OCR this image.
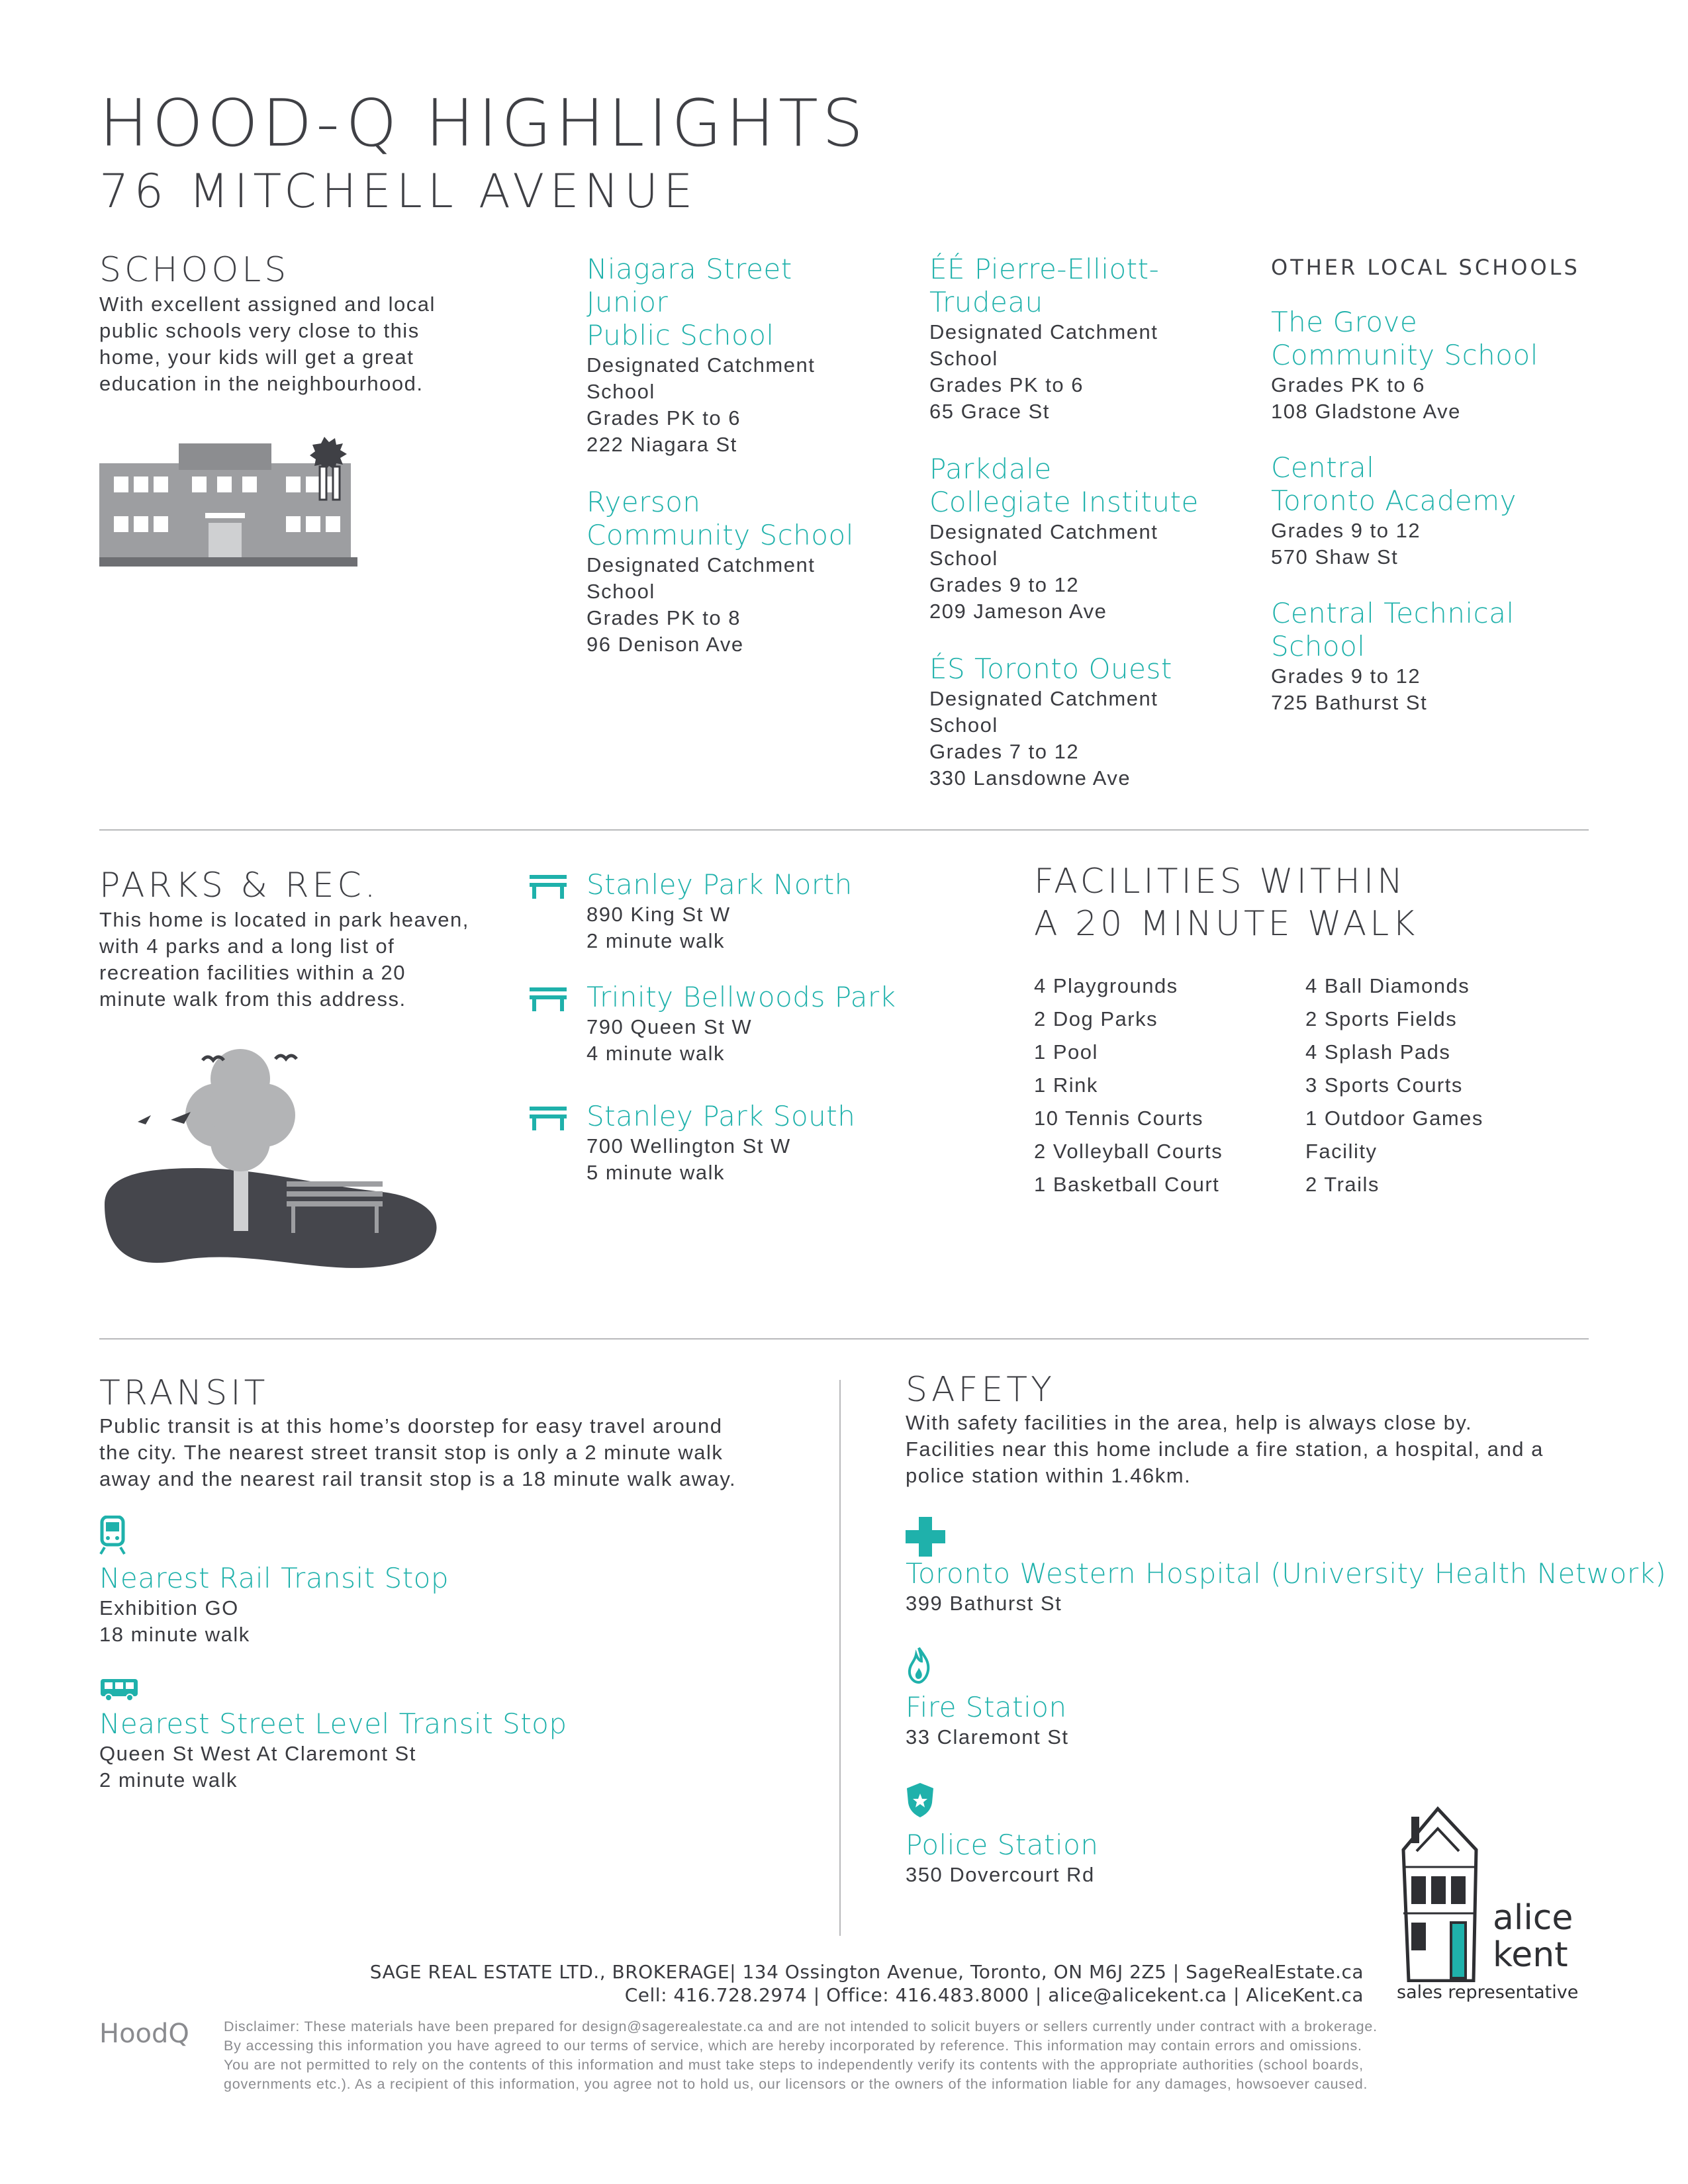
HOOD-Q HIGHLIGHTS
76 MITCHELL AVENUE
SCHOOLS
With excellent assigned and local
public schools very close to this
home, your kids will get a great
education in the neighbourhood.
Niagara Street Junior
Public School
Designated Catchment
School
Grades PK to 6
222 Niagara St
Ryerson
Community School
Designated Catchment
School
Grades PK to 8
96 Denison Ave
ÉÉ Pierre-Elliott-Trudeau
Designated Catchment
School
Grades PK to 6
65 Grace St
Parkdale
Collegiate Institute
Designated Catchment
School
Grades 9 to 12
209 Jameson Ave
ÉS Toronto Ouest
Designated Catchment
School
Grades 7 to 12
330 Lansdowne Ave
OTHER LOCAL SCHOOLS
The Grove
Community School
Grades PK to 6
108 Gladstone Ave
Central
Toronto Academy
Grades 9 to 12
570 Shaw St
Central Technical School
Grades 9 to 12
725 Bathurst St
PARKS & REC.
This home is located in park heaven,
with 4 parks and a long list of
recreation facilities within a 20
minute walk from this address.
Stanley Park North
890 King St W
2 minute walk
Trinity Bellwoods Park
790 Queen St W
4 minute walk
Stanley Park South
700 Wellington St W
5 minute walk
FACILITIES WITHIN
A 20 MINUTE WALK
4 Playgrounds
2 Dog Parks
1 Pool
1 Rink
10 Tennis Courts
2 Volleyball Courts
1 Basketball Court
4 Ball Diamonds
2 Sports Fields
4 Splash Pads
3 Sports Courts
1 Outdoor Games
Facility
2 Trails
TRANSIT
Public transit is at this home’s doorstep for easy travel around
the city. The nearest street transit stop is only a 2 minute walk
away and the nearest rail transit stop is a 18 minute walk away.
Nearest Rail Transit Stop
Exhibition GO
18 minute walk
Nearest Street Level Transit Stop
Queen St West At Claremont St
2 minute walk
SAFETY
With safety facilities in the area, help is always close by.
Facilities near this home include a fire station, a hospital, and a
police station within 1.46km.
Toronto Western Hospital (University Health Network)
399 Bathurst St
Fire Station
33 Claremont St
Police Station
350 Dovercourt Rd
alice
kent
sales representative
SAGE REAL ESTATE LTD., BROKERAGE| 134 Ossington Avenue, Toronto, ON M6J 2Z5 | SageRealEstate.ca
Cell: 416.728.2974 | Office: 416.483.8000 | alice@alicekent.ca | AliceKent.ca
HoodQ Disclaimer: These materials have been prepared for design@sagerealestate.ca and are not intended to solicit buyers or sellers currently under contract with a brokerage.
By accessing this information you have agreed to our terms of service, which are hereby incorporated by reference. This information may contain errors and omissions.
You are not permitted to rely on the contents of this information and must take steps to independently verify its contents with the appropriate authorities (school boards,
governments etc.). As a recipient of this information, you agree not to hold us, our licensors or the owners of the information liable for any damages, howsoever caused.
